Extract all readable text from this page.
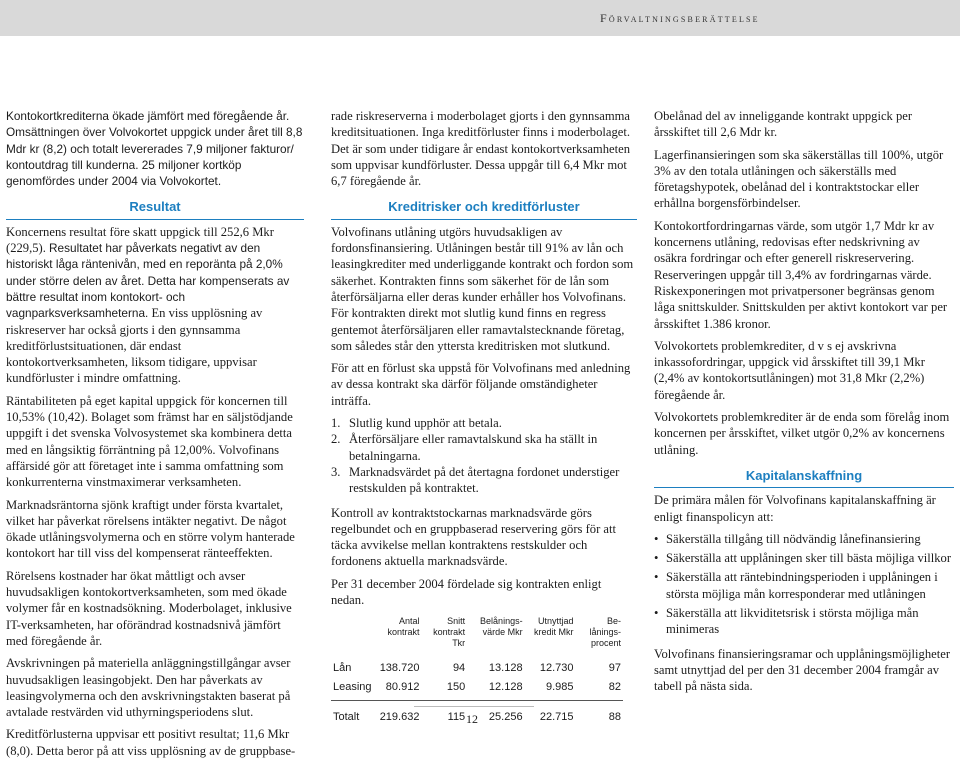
Förvaltningsberättelse

Kontokortkrediterna ökade jämfört med föregående år. Omsättningen över Volvokortet uppgick under året till 8,8 Mdr kr (8,2) och totalt levererades 7,9 miljoner fakturor/ kontoutdrag till kunderna. 25 miljoner kortköp genomfördes under 2004 via Volvokortet.

Resultat

Koncernens resultat före skatt uppgick till 252,6 Mkr (229,5). Resultatet har påverkats negativt av den historiskt låga räntenivån, med en reporänta på 2,0% under större delen av året. Detta har kompenserats av bättre resultat inom kontokort- och vagnparksverksamheterna. En viss upplösning av riskreserver har också gjorts i den gynnsamma kreditförlustsituationen, där endast kontokortverksamheten, liksom tidigare, uppvisar kundförluster i mindre omfattning.

Räntabiliteten på eget kapital uppgick för koncernen till 10,53% (10,42). Bolaget som främst har en säljstödjande uppgift i det svenska Volvosystemet ska kombinera detta med en långsiktig förräntning på 12,00%. Volvofinans affärsidé gör att företaget inte i samma omfattning som konkurrenterna vinstmaximerar verksamheten.

Marknadsräntorna sjönk kraftigt under första kvartalet, vilket har påverkat rörelsens intäkter negativt. De något ökade utlåningsvolymerna och en större volym hanterade kontokort har till viss del kompenserat ränteeffekten.

Rörelsens kostnader har ökat måttligt och avser huvudsakligen kontokortverksamheten, som med ökade volymer får en kostnadsökning. Moderbolaget, inklusive IT-verksamheten, har oförändrad kostnadsnivå jämfört med föregående år.

Avskrivningen på materiella anläggningstillgångar avser huvudsakligen leasingobjekt. Den har påverkats av leasingvolymerna och den avskrivningstakten baserat på avtalade restvärden vid uthyrningsperiodens slut.

Kreditförlusterna uppvisar ett positivt resultat; 11,6 Mkr (8,0). Detta beror på att viss upplösning av de gruppbase-

rade riskreserverna i moderbolaget gjorts i den gynnsamma kreditsituationen. Inga kreditförluster finns i moderbolaget. Det är som under tidigare år endast kontokortverksamheten som uppvisar kundförluster. Dessa uppgår till 6,4 Mkr mot 6,7 föregående år.

Kreditrisker och kreditförluster

Volvofinans utlåning utgörs huvudsakligen av fordonsfinansiering. Utlåningen består till 91% av lån och leasingkrediter med underliggande kontrakt och fordon som säkerhet. Kontrakten finns som säkerhet för de lån som återförsäljarna eller deras kunder erhåller hos Volvofinans. För kontrakten direkt mot slutlig kund finns en regress gentemot återförsäljaren eller ramavtalstecknande företag, som således står den yttersta kreditrisken mot slutkund.

För att en förlust ska uppstå för Volvofinans med anledning av dessa kontrakt ska därför följande omständigheter inträffa.

1. Slutlig kund upphör att betala.
2. Återförsäljare eller ramavtalskund ska ha ställt in betalningarna.
3. Marknadsvärdet på det återtagna fordonet understiger restskulden på kontraktet.

Kontroll av kontraktstockarnas marknadsvärde görs regelbundet och en gruppbaserad reservering görs för att täcka avvikelse mellan kontraktens restskulder och fordonens aktuella marknadsvärde.

Per 31 december 2004 fördelade sig kontrakten enligt nedan.

	Antal kontrakt	Snitt kontrakt Tkr	Belånings-värde Mkr	Utnyttjad kredit Mkr	Be-lånings-procent
Lån	138.720	94	13.128	12.730	97
Leasing	80.912	150	12.128	9.985	82

Totalt	219.632	115	25.256	22.715	88

Obelånad del av inneliggande kontrakt uppgick per årsskiftet till 2,6 Mdr kr.

Lagerfinansieringen som ska säkerställas till 100%, utgör 3% av den totala utlåningen och säkerställs med företagshypotek, obelånad del i kontraktstockar eller erhållna borgensförbindelser.

Kontokortfordringarnas värde, som utgör 1,7 Mdr kr av koncernens utlåning, redovisas efter nedskrivning av osäkra fordringar och efter generell riskreservering. Reserveringen uppgår till 3,4% av fordringarnas värde. Riskexponeringen mot privatpersoner begränsas genom låga snittskulder. Snittskulden per aktivt kontokort var per årsskiftet 1.386 kronor.

Volvokortets problemkrediter, d v s ej avskrivna inkassofordringar, uppgick vid årsskiftet till 39,1 Mkr (2,4% av kontokortsutlåningen) mot 31,8 Mkr (2,2%) föregående år.

Volvokortets problemkrediter är de enda som förelåg inom koncernen per årsskiftet, vilket utgör 0,2% av koncernens utlåning.

Kapitalanskaffning

De primära målen för Volvofinans kapitalanskaffning är enligt finanspolicyn att:

• Säkerställa tillgång till nödvändig lånefinansiering
• Säkerställa att upplåningen sker till bästa möjliga villkor
• Säkerställa att räntebindningsperioden i upplåningen i största möjliga mån korresponderar med utlåningen
• Säkerställa att likviditetsrisk i största möjliga mån minimeras

Volvofinans finansieringsramar och upplåningsmöjligheter samt utnyttjad del per den 31 december 2004 framgår av tabell på nästa sida.

12
